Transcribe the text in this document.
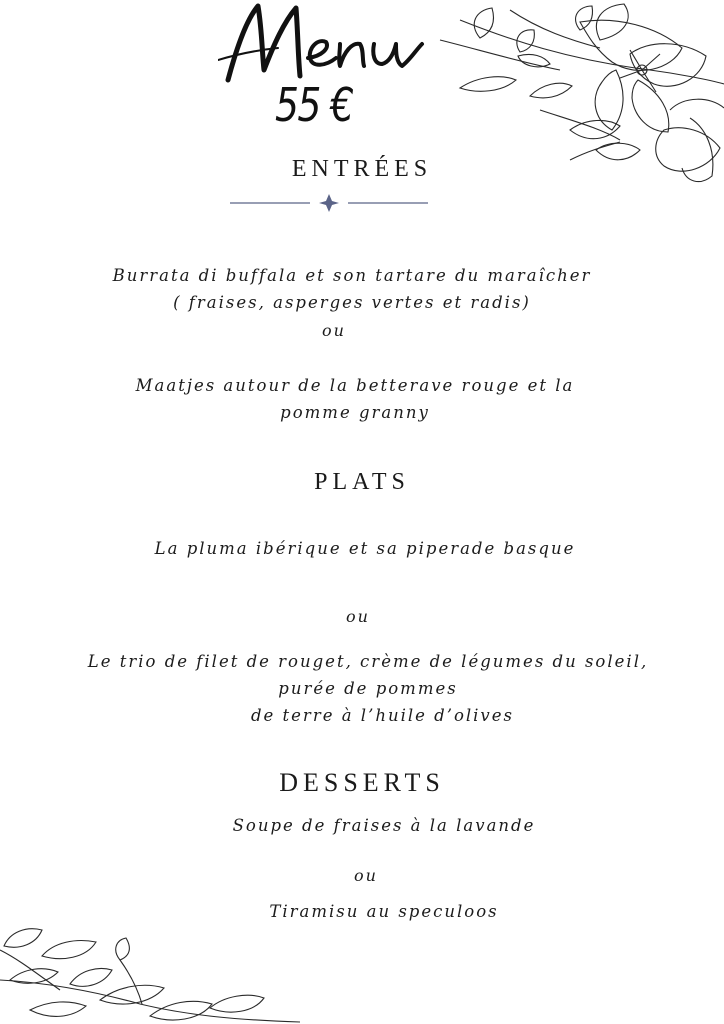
55 €
ENTRÉES
Burrata di buffala et son tartare du maraîcher
( fraises, asperges vertes et radis)
ou
Maatjes autour de la betterave rouge et la
pomme granny
PLATS
La pluma ibérique et sa piperade basque
ou
Le trio de filet de rouget, crème de légumes du soleil,
purée de pommes
de terre à l’huile d’olives
DESSERTS
Soupe de fraises à la lavande
ou
Tiramisu au speculoos
